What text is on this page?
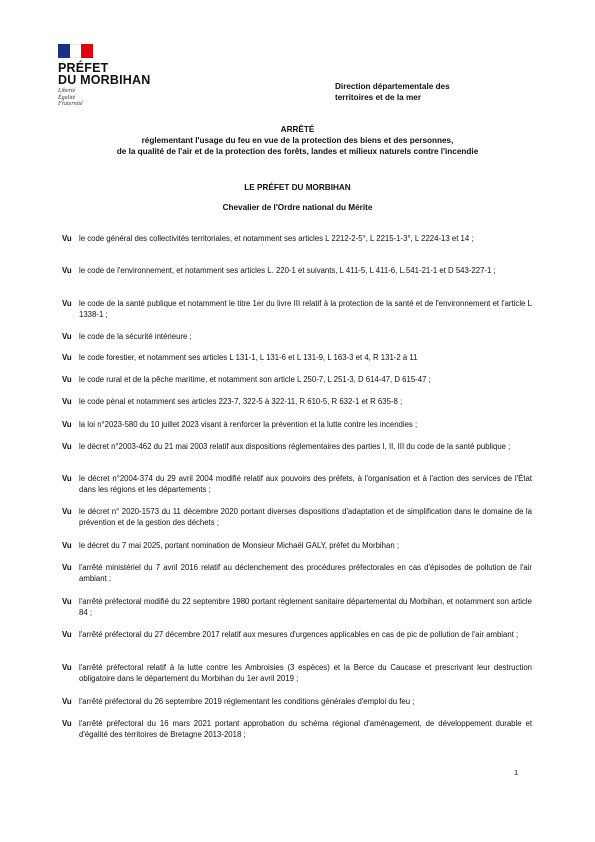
PRÉFET
DU MORBIHAN
Liberté
Égalité
Fraternité
Direction départementale des
territoires et de la mer
ARRÊTÉ
réglementant l'usage du feu en vue de la protection des biens et des personnes,
de la qualité de l'air et de la protection des forêts, landes et milieux naturels contre l'incendie
LE PRÉFET DU MORBIHAN
Chevalier de l'Ordre national du Mérite
Vu le code général des collectivités territoriales, et notamment ses articles L 2212-2-5°, L 2215-1-3°, L 2224-13 et 14 ;
Vu le code de l'environnement, et notamment ses articles L. 220-1 et suivants, L 411-5, L 411-6, L.541-21-1 et D 543-227-1 ;
Vu le code de la santé publique et notamment le titre 1er du livre III relatif à la protection de la santé et de l'environnement et l'article L 1338-1 ;
Vu le code de la sécurité intérieure ;
Vu le code forestier, et notamment ses articles L 131-1, L 131-6 et L 131-9, L 163-3 et 4, R 131-2 à 11
Vu le code rural et de la pêche maritime, et notamment son article L 250-7, L 251-3, D 614-47, D 615-47 ;
Vu le code pénal et notamment ses articles 223-7, 322-5 à 322-11, R 610-5, R 632-1 et R 635-8 ;
Vu la loi n°2023-580 du 10 juillet 2023 visant à renforcer la prévention et la lutte contre les incendies ;
Vu le décret n°2003-462 du 21 mai 2003 relatif aux dispositions réglementaires des parties I, II, III du code de la santé publique ;
Vu le décret n°2004-374 du 29 avril 2004 modifié relatif aux pouvoirs des préfets, à l'organisation et à l'action des services de l'État dans les régions et les départements ;
Vu le décret n° 2020-1573 du 11 décembre 2020 portant diverses dispositions d'adaptation et de simplification dans le domaine de la prévention et de la gestion des déchets ;
Vu le décret du 7 mai 2025, portant nomination de Monsieur Michaël GALY, préfet du Morbihan ;
Vu l'arrêté ministériel du 7 avril 2016 relatif au déclenchement des procédures préfectorales en cas d'épisodes de pollution de l'air ambiant ;
Vu l'arrêté préfectoral modifié du 22 septembre 1980 portant règlement sanitaire départemental du Morbihan, et notamment son article 84 ;
Vu l'arrêté préfectoral du 27 décembre 2017 relatif aux mesures d'urgences applicables en cas de pic de pollution de l'air ambiant ;
Vu l'arrêté préfectoral relatif à la lutte contre les Ambroisies (3 espèces) et la Berce du Caucase et prescrivant leur destruction obligatoire dans le département du Morbihan du 1er avril 2019 ;
Vu l'arrêté préfectoral du 26 septembre 2019 réglementant les conditions générales d'emploi du feu ;
Vu l'arrêté préfectoral du 16 mars 2021 portant approbation du schéma régional d'aménagement, de développement durable et d'égalité des territoires de Bretagne 2013-2018 ;
1
